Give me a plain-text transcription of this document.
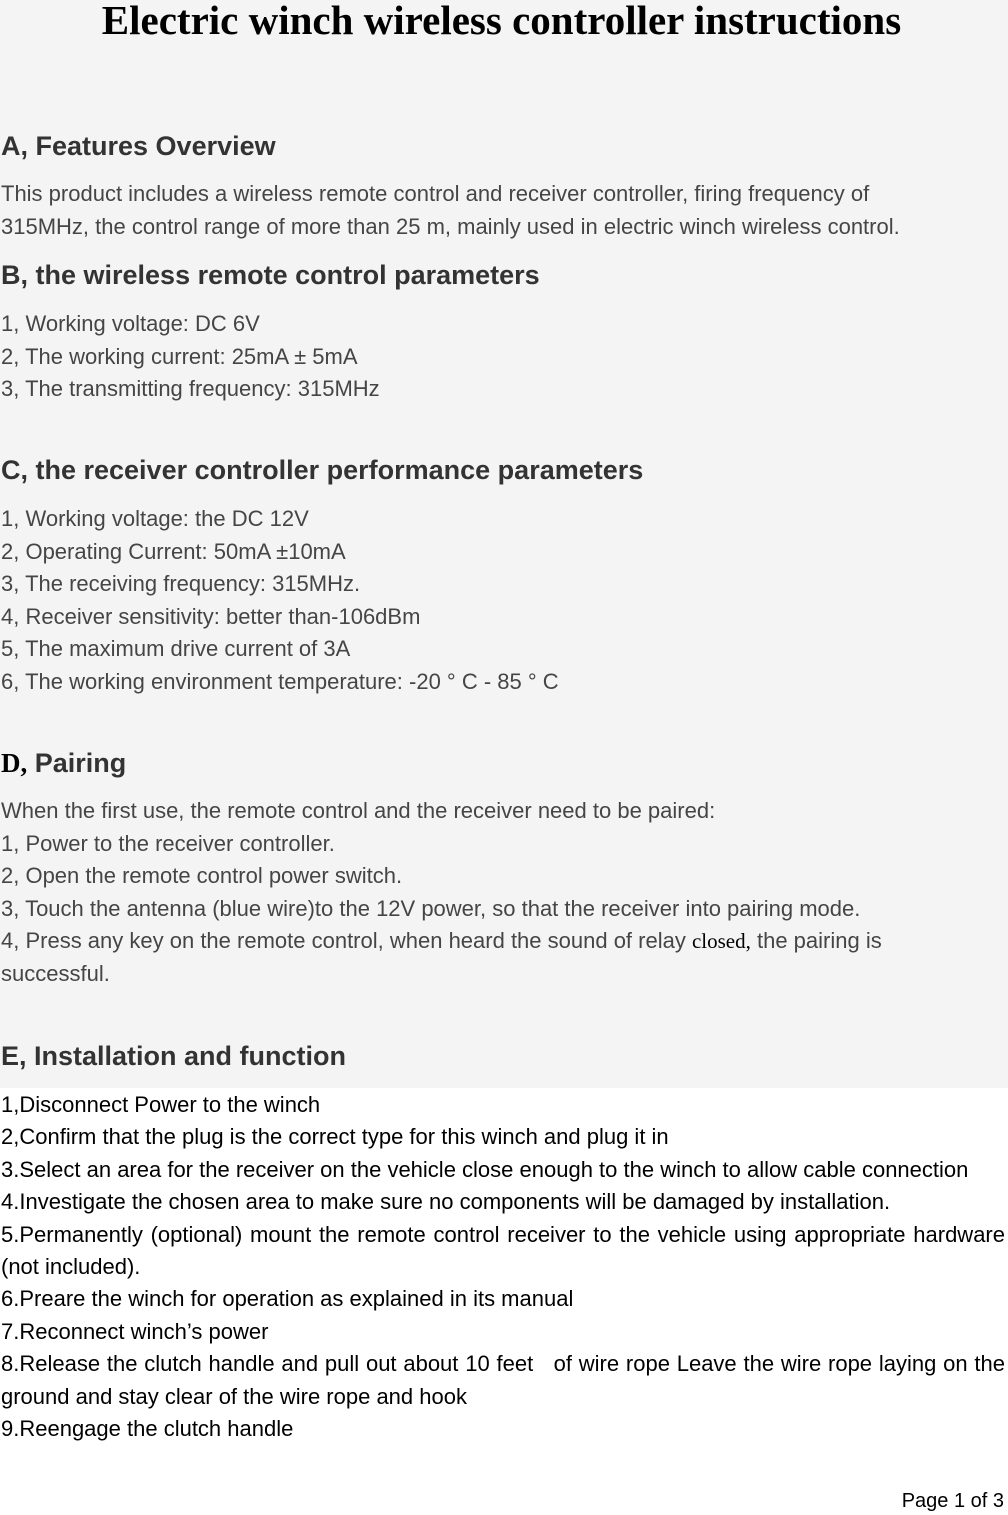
Electric winch wireless controller instructions
A, Features Overview
This product includes a wireless remote control and receiver controller, firing frequency of
315MHz, the control range of more than 25 m, mainly used in electric winch wireless control.
B, the wireless remote control parameters
1, Working voltage: DC 6V
2, The working current: 25mA ± 5mA
3, The transmitting frequency: 315MHz
C, the receiver controller performance parameters
1, Working voltage: the DC 12V
2, Operating Current: 50mA ±10mA
3, The receiving frequency: 315MHz.
4, Receiver sensitivity: better than-106dBm
5, The maximum drive current of 3A
6, The working environment temperature: -20 ° C - 85 ° C
D, Pairing
When the first use, the remote control and the receiver need to be paired:
1, Power to the receiver controller.
2, Open the remote control power switch.
3, Touch the antenna (blue wire)to the 12V power, so that the receiver into pairing mode.
4, Press any key on the remote control, when heard the sound of relay closed, the pairing is
successful.
E, Installation and function
1,Disconnect Power to the winch
2,Confirm that the plug is the correct type for this winch and plug it in
3.Select an area for the receiver on the vehicle close enough to the winch to allow cable connection
4.Investigate the chosen area to make sure no components will be damaged by installation.
5.Permanently (optional) mount the remote control receiver to the vehicle using appropriate hardware (not included).
6.Preare the winch for operation as explained in its manual
7.Reconnect winch’s power
8.Release the clutch handle and pull out about 10 feet   of wire rope Leave the wire rope laying on the ground and stay clear of the wire rope and hook
9.Reengage the clutch handle
Page 1 of 3
